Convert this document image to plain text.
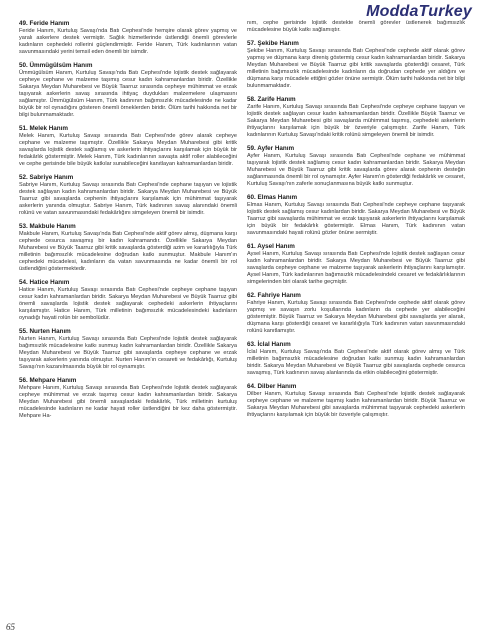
ModdaTurkey

49. Feride Hanım

Feride Hanım, Kurtuluş Savaşı'nda Batı Cephesi'nde hemşire olarak görev yapmış ve yaralı askerlere destek vermiştir. Sağlık hizmetlerinde üstlendiği önemli görevlerle kadınların cephedeki rollerini güçlendirmiştir. Feride Hanım, Türk kadınlarının vatan savunmasındaki yerini temsil eden önemli bir isimdir.

50. Ümmügülsüm Hanım

Ümmügülsüm Hanım, Kurtuluş Savaşı'nda Batı Cephesi'nde lojistik destek sağlayarak cepheye cephane ve malzeme taşımış cesur kadın kahramanlardan biridir. Özellikle Sakarya Meydan Muharebesi ve Büyük Taarruz sırasında cepheye mühimmat ve erzak taşıyarak askerlerin savaş sırasında ihtiyaç duydukları malzemelere ulaşmasını sağlamıştır. Ümmügülsüm Hanım, Türk kadınının bağımsızlık mücadelesinde ne kadar büyük bir rol oynadığını gösteren önemli örneklerden biridir. Ölüm tarihi hakkında net bir bilgi bulunmamaktadır.

51. Melek Hanım

Melek Hanım, Kurtuluş Savaşı sırasında Batı Cephesi'nde görev alarak cepheye cephane ve malzeme taşımıştır. Özellikle Sakarya Meydan Muharebesi gibi kritik savaşlarda lojistik destek sağlamış ve askerlerin ihtiyaçlarını karşılamak için büyük bir fedakârlık göstermiştir. Melek Hanım, Türk kadınlarının savaşta aktif roller alabileceğini ve cephe gerisinde bile büyük katkılar sunabileceğini kanıtlayan kahramanlardan biridir.

52. Sabriye Hanım

Sabriye Hanım, Kurtuluş Savaşı sırasında Batı Cephesi'nde cephane taşıyan ve lojistik destek sağlayan kadın kahramanlardan biridir. Sakarya Meydan Muharebesi ve Büyük Taarruz gibi savaşlarda cephenin ihtiyaçlarını karşılamak için mühimmat taşıyarak askerlerin yanında olmuştur. Sabriye Hanım, Türk kadınının savaş alanındaki önemli rolünü ve vatan savunmasındaki fedakârlığını simgeleyen önemli bir isimdir.

53. Makbule Hanım

Makbule Hanım, Kurtuluş Savaşı'nda Batı Cephesi'nde aktif görev almış, düşmana karşı cephede cesurca savaşmış bir kadın kahramandır. Özellikle Sakarya Meydan Muharebesi ve Büyük Taarruz gibi kritik savaşlarda gösterdiği azim ve kararlılığıyla Türk milletinin bağımsızlık mücadelesine doğrudan katkı sunmuştur. Makbule Hanım'ın cephedeki mücadelesi, kadınların da vatan savunmasında ne kadar önemli bir rol üstlendiğini göstermektedir.

54. Hatice Hanım

Hatice Hanım, Kurtuluş Savaşı sırasında Batı Cephesi'nde cepheye cephane taşıyan cesur kadın kahramanlardan biridir. Sakarya Meydan Muharebesi ve Büyük Taarruz gibi önemli savaşlarda lojistik destek sağlayarak cephedeki askerlerin ihtiyaçlarını karşılamıştır. Hatice Hanım, Türk milletinin bağımsızlık mücadelesindeki kadınların oynadığı hayati rolün bir sembolüdür.

55. Nurten Hanım

Nurten Hanım, Kurtuluş Savaşı sırasında Batı Cephesi'nde lojistik destek sağlayarak bağımsızlık mücadelesine katkı sunmuş kadın kahramanlardan biridir. Özellikle Sakarya Meydan Muharebesi ve Büyük Taarruz gibi savaşlarda cepheye cephane ve erzak taşıyarak askerlerin yanında olmuştur. Nurten Hanım'ın cesareti ve fedakârlığı, Kurtuluş Savaşı'nın kazanılmasında büyük bir rol oynamıştır.

56. Mehpare Hanım

Mehpare Hanım, Kurtuluş Savaşı sırasında Batı Cephesi'nde lojistik destek sağlayarak cepheye mühimmat ve erzak taşımış cesur kadın kahramanlardan biridir. Sakarya Meydan Muharebesi gibi önemli savaşlardaki fedakârlık, Türk milletinin kurtuluş mücadelesinde kadınların ne kadar hayati roller üstlendiğini bir kez daha göstermiştir. Mehpare Ha-

nım, cephe gerisinde lojistik destekte önemli görevler üstlenerek bağımsızlık mücadelesine büyük katkı sağlamıştır.

57. Şekibe Hanım

Şekibe Hanım, Kurtuluş Savaşı sırasında Batı Cephesi'nde cephede aktif olarak görev yapmış ve düşmana karşı direniş göstermiş cesur kadın kahramanlardan biridir. Sakarya Meydan Muharebesi ve Büyük Taarruz gibi kritik savaşlarda gösterdiği cesaret, Türk milletinin bağımsızlık mücadelesinde kadınların da doğrudan cephede yer aldığını ve düşmana karşı mücadele ettiğini gözler önüne sermiştir. Ölüm tarihi hakkında net bir bilgi bulunmamaktadır.

58. Zarife Hanım

Zarife Hanım, Kurtuluş Savaşı sırasında Batı Cephesi'nde cepheye cephane taşıyan ve lojistik destek sağlayan cesur kadın kahramanlardan biridir. Özellikle Büyük Taarruz ve Sakarya Meydan Muharebesi gibi savaşlarda mühimmat taşımış, cephedeki askerlerin ihtiyaçlarını karşılamak için büyük bir özveriyle çalışmıştır. Zarife Hanım, Türk kadınlarının Kurtuluş Savaşı'ndaki kritik rolünü simgeleyen önemli bir isimdir.

59. Ayfer Hanım

Ayfer Hanım, Kurtuluş Savaşı sırasında Batı Cephesi'nde cephane ve mühimmat taşıyarak lojistik destek sağlamış cesur kadın kahramanlardan biridir. Sakarya Meydan Muharebesi ve Büyük Taarruz gibi kritik savaşlarda görev alarak cephenin desteğin sağlanmasında önemli bir rol oynamıştır. Ayfer Hanım'ın gösterdiği fedakârlık ve cesaret, Kurtuluş Savaşı'nın zaferle sonuçlanmasına büyük katkı sunmuştur.

60. Elmas Hanım

Elmas Hanım, Kurtuluş Savaşı sırasında Batı Cephesi'nde cepheye cephane taşıyarak lojistik destek sağlamış cesur kadınlardan biridir. Sakarya Meydan Muharebesi ve Büyük Taarruz gibi savaşlarda mühimmat ve erzak taşıyarak askerlerin ihtiyaçlarını karşılamak için büyük bir fedakârlık göstermiştir. Elmas Hanım, Türk kadınının vatan savunmasındaki hayati rolünü gözler önüne sermiştir.

61. Aysel Hanım

Aysel Hanım, Kurtuluş Savaşı sırasında Batı Cephesi'nde lojistik destek sağlayan cesur kadın kahramanlardan biridir. Sakarya Meydan Muharebesi ve Büyük Taarruz gibi savaşlarda cepheye cephane ve malzeme taşıyarak askerlerin ihtiyaçlarını karşılamıştır. Aysel Hanım, Türk kadınlarının bağımsızlık mücadelesindeki cesaret ve fedakârlıklarının simgelerinden biri olarak tarihe geçmiştir.

62. Fahriye Hanım

Fahriye Hanım, Kurtuluş Savaşı sırasında Batı Cephesi'nde cephede aktif olarak görev yapmış ve savaşın zorlu koşullarında kadınların da cephede yer alabileceğini göstermiştir. Büyük Taarruz ve Sakarya Meydan Muharebesi gibi savaşlarda yer alarak, düşmana karşı gösterdiği cesaret ve kararlılığıyla Türk kadınının vatan savunmasındaki rolünü kanıtlamıştır.

63. İclal Hanım

İclal Hanım, Kurtuluş Savaşı'nda Batı Cephesi'nde aktif olarak görev almış ve Türk milletinin bağımsızlık mücadelesine doğrudan katkı sunmuş kadın kahramanlardan biridir. Sakarya Meydan Muharebesi ve Büyük Taarruz gibi savaşlarda cephede cesurca savaşmış, Türk kadınının savaş alanlarında da etkin olabileceğini göstermiştir.

64. Dilber Hanım

Dilber Hanım, Kurtuluş Savaşı sırasında Batı Cephesi'nde lojistik destek sağlayarak cepheye cephane ve malzeme taşımış kadın kahramanlardan biridir. Büyük Taarruz ve Sakarya Meydan Muharebesi gibi savaşlarda mühimmat taşıyarak cephedeki askerlerin ihtiyaçlarını karşılamak için büyük bir özveriyle çalışmıştır.

65
